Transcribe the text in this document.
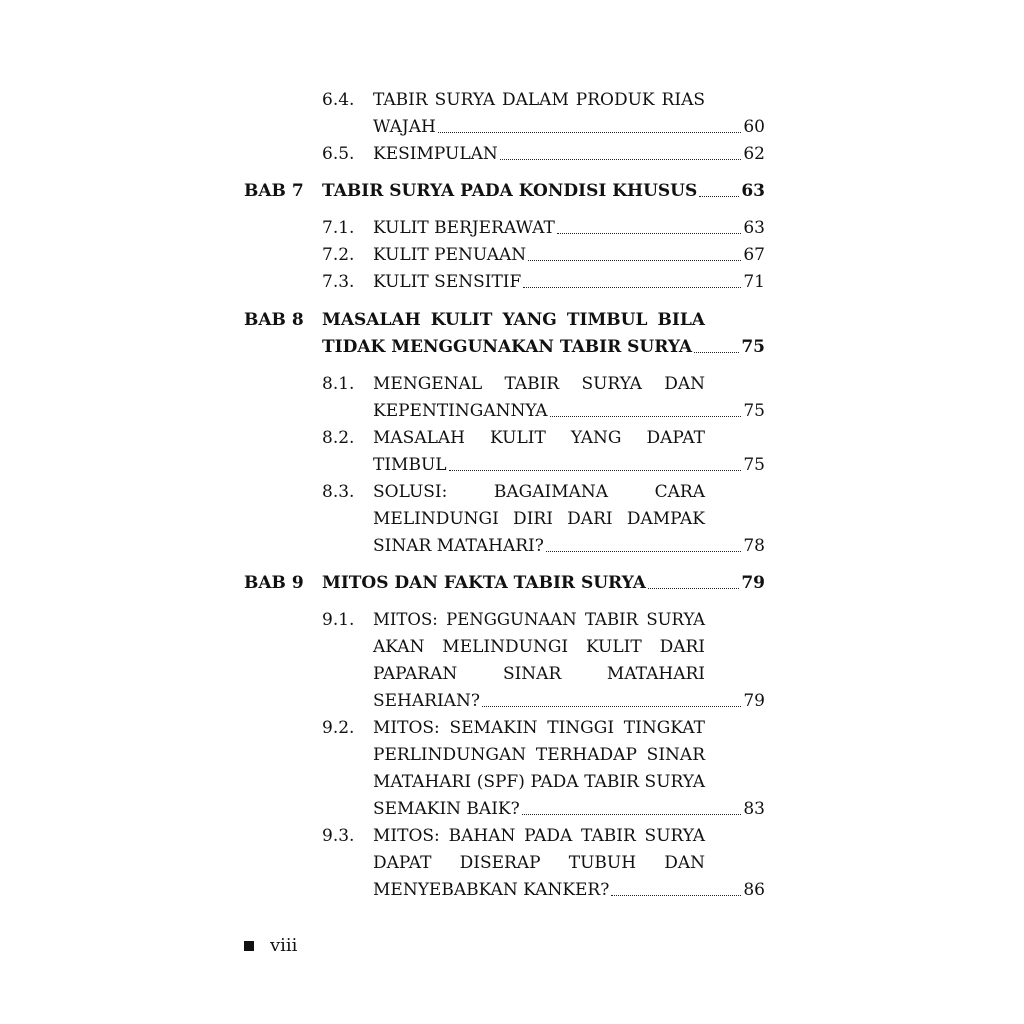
6.4. TABIR SURYA DALAM PRODUK RIAS
WAJAH	60
6.5. KESIMPULAN	62
BAB 7 TABIR SURYA PADA KONDISI KHUSUS	63
7.1. KULIT BERJERAWAT	63
7.2. KULIT PENUAAN	67
7.3. KULIT SENSITIF	71
BAB 8 MASALAH KULIT YANG TIMBUL BILA
TIDAK MENGGUNAKAN TABIR SURYA	75
8.1. MENGENAL TABIR SURYA DAN
KEPENTINGANNYA	75
8.2. MASALAH KULIT YANG DAPAT
TIMBUL	75
8.3. SOLUSI: BAGAIMANA CARA
MELINDUNGI DIRI DARI DAMPAK
SINAR MATAHARI?	78
BAB 9 MITOS DAN FAKTA TABIR SURYA	79
9.1. MITOS: PENGGUNAAN TABIR SURYA
AKAN MELINDUNGI KULIT DARI
PAPARAN SINAR MATAHARI
SEHARIAN?	79
9.2. MITOS: SEMAKIN TINGGI TINGKAT
PERLINDUNGAN TERHADAP SINAR
MATAHARI (SPF) PADA TABIR SURYA
SEMAKIN BAIK?	83
9.3. MITOS: BAHAN PADA TABIR SURYA
DAPAT DISERAP TUBUH DAN
MENYEBABKAN KANKER?	86
viii
